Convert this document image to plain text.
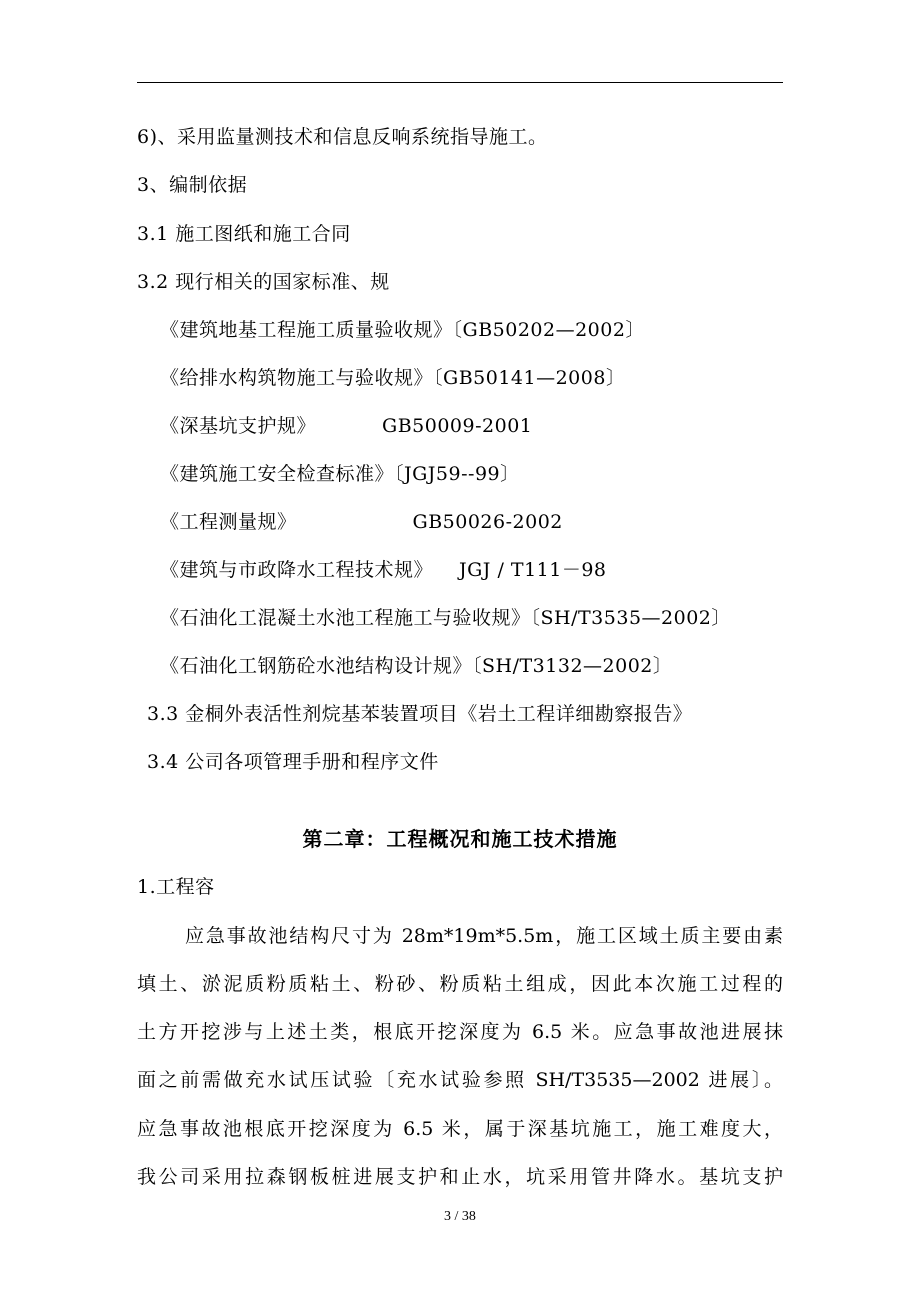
6)、采用监量测技术和信息反响系统指导施工。
3、编制依据
3.1 施工图纸和施工合同
3.2 现行相关的国家标准、规
《建筑地基工程施工质量验收规》〔GB50202—2002〕
《给排水构筑物施工与验收规》〔GB50141—2008〕
《深基坑支护规》	GB50009-2001
《建筑施工安全检查标准》〔JGJ59--99〕
《工程测量规》	GB50026-2002
《建筑与市政降水工程技术规》 JGJ / T111－98
《石油化工混凝土水池工程施工与验收规》〔SH/T3535—2002〕
《石油化工钢筋砼水池结构设计规》〔SH/T3132—2002〕
3.3 金桐外表活性剂烷基苯装置项目《岩土工程详细勘察报告》
3.4 公司各项管理手册和程序文件
第二章：工程概况和施工技术措施
1.工程容
应急事故池结构尺寸为 28m*19m*5.5m，施工区域土质主要由素
填土、淤泥质粉质粘土、粉砂、粉质粘土组成，因此本次施工过程的
土方开挖涉与上述土类，根底开挖深度为 6.5 米。应急事故池进展抹
面之前需做充水试压试验〔充水试验参照 SH/T3535—2002 进展〕。
应急事故池根底开挖深度为 6.5 米，属于深基坑施工，施工难度大，
我公司采用拉森钢板桩进展支护和止水，坑采用管井降水。基坑支护
3 / 38
